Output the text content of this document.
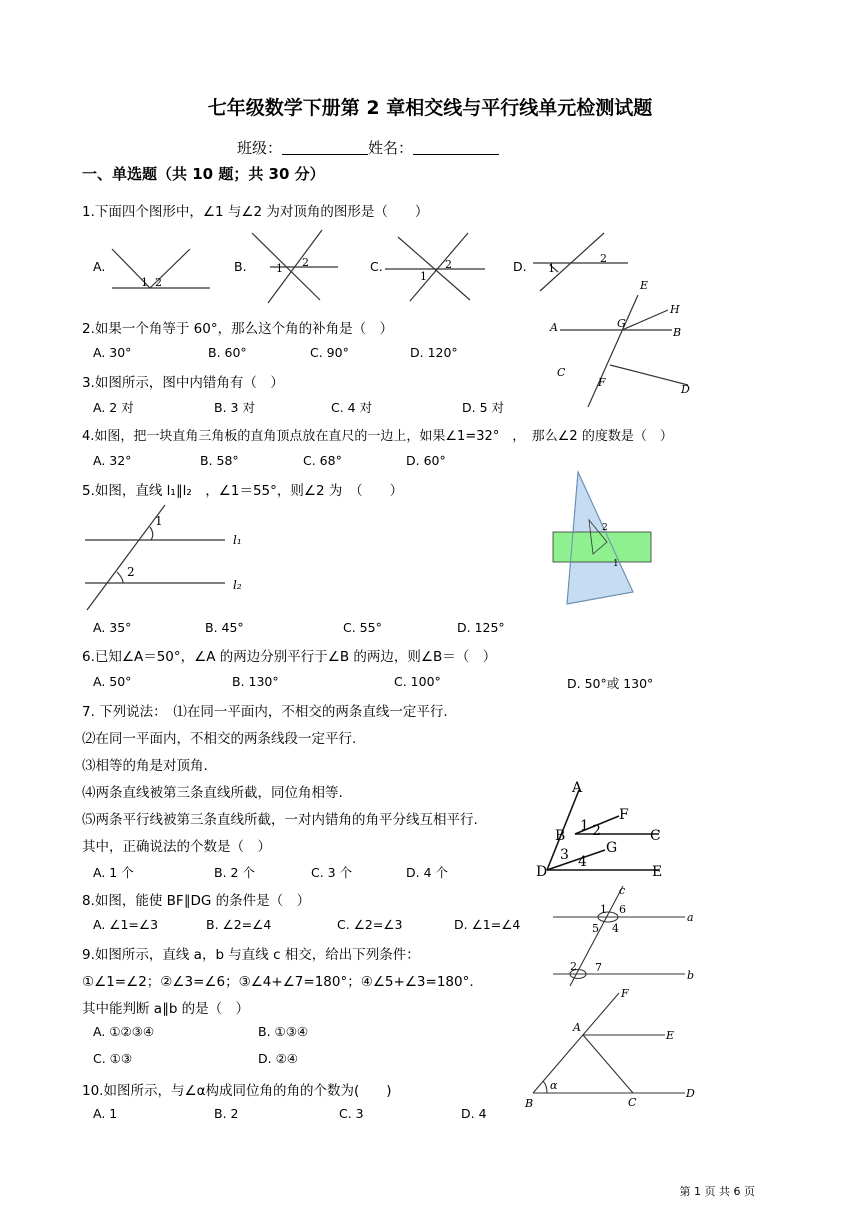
七年级数学下册第 2 章相交线与平行线单元检测试题
班级：	姓名：
一、单选题（共 10 题；共 30 分）
1.下面四个图形中，∠1 与∠2 为对顶角的图形是（　　）
A.	B.	C.	D.
1 2
1 2
1
2	1
2
2.如果一个角等于 60°，那么这个角的补角是（　）
A. 30°	B. 60°	C. 90°	D. 120°
E
H
G
A	B
C
F
D
3.如图所示，图中内错角有（　）
A. 2 对	B. 3 对	C. 4 对	D. 5 对
4.如图，把一块直角三角板的直角顶点放在直尺的一边上，如果∠1=32°　，　那么∠2 的度数是（　）
A. 32°	B. 58°	C. 68°	D. 60°
5.如图，直线 l₁∥l₂　，∠1＝55°，则∠2 为　（　　）
1
2
l₁
l₂
2
1
A. 35°	B. 45°	C. 55°	D. 125°
6.已知∠A＝50°，∠A 的两边分别平行于∠B 的两边，则∠B＝（　）
A. 50°	B. 130°	C. 100°	D. 50°或 130°
7. 下列说法：　⑴在同一平面内，不相交的两条直线一定平行.
⑵在同一平面内，不相交的两条线段一定平行.
⑶相等的角是对顶角.
⑷两条直线被第三条直线所截，同位角相等.
⑸两条平行线被第三条直线所截，一对内错角的角平分线互相平行.
其中，正确说法的个数是（　）
A. 1 个	B. 2 个	C. 3 个	D. 4 个
A
F
B
1 2	C
G
3 4
D	E
8.如图，能使 BF∥DG 的条件是（　）
A. ∠1=∠3	B. ∠2=∠4	C. ∠2=∠3	D. ∠1=∠4
c
1 6
a
5 4
2 7
b
9.如图所示，直线 a，b 与直线 c 相交，给出下列条件：
①∠1=∠2；②∠3=∠6；③∠4+∠7=180°；④∠5+∠3=180°.
其中能判断 a∥b 的是（　）
A. ①②③④	B. ①③④
C. ①③	D. ②④
F
A
E
α
B	C
D
10.如图所示，与∠α构成同位角的角的个数为(　　)
A. 1	B. 2	C. 3	D. 4
第 1 页 共 6 页
